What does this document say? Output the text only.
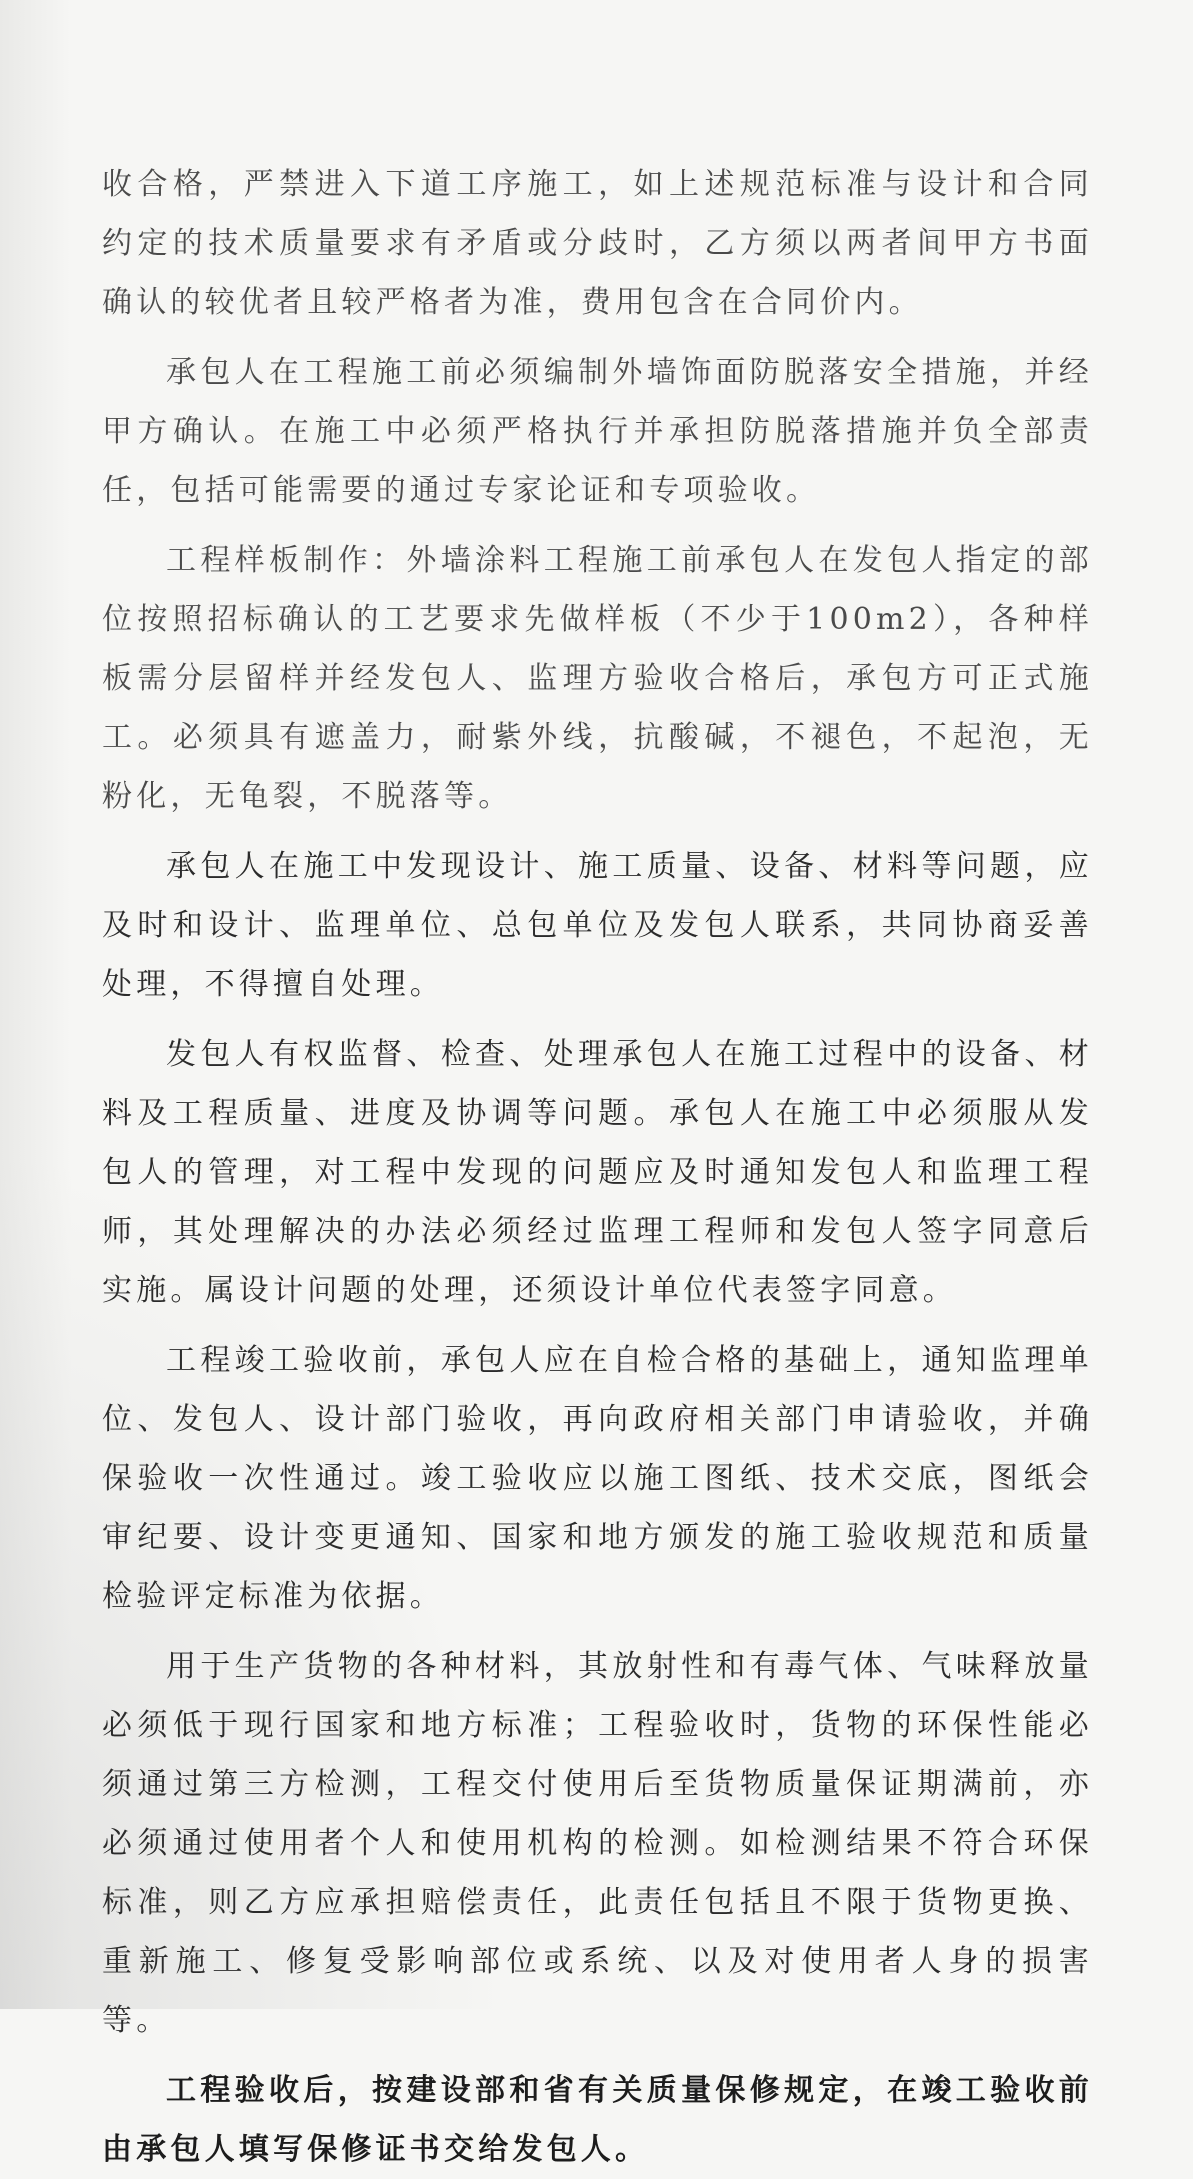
收合格，严禁进入下道工序施工，如上述规范标准与设计和合同约定的技术质量要求有矛盾或分歧时，乙方须以两者间甲方书面确认的较优者且较严格者为准，费用包含在合同价内。

承包人在工程施工前必须编制外墙饰面防脱落安全措施，并经甲方确认。在施工中必须严格执行并承担防脱落措施并负全部责任，包括可能需要的通过专家论证和专项验收。

工程样板制作：外墙涂料工程施工前承包人在发包人指定的部位按照招标确认的工艺要求先做样板（不少于100m2），各种样板需分层留样并经发包人、监理方验收合格后，承包方可正式施工。必须具有遮盖力，耐紫外线，抗酸碱，不褪色，不起泡，无粉化，无龟裂，不脱落等。

承包人在施工中发现设计、施工质量、设备、材料等问题，应及时和设计、监理单位、总包单位及发包人联系，共同协商妥善处理，不得擅自处理。

发包人有权监督、检查、处理承包人在施工过程中的设备、材料及工程质量、进度及协调等问题。承包人在施工中必须服从发包人的管理，对工程中发现的问题应及时通知发包人和监理工程师，其处理解决的办法必须经过监理工程师和发包人签字同意后实施。属设计问题的处理，还须设计单位代表签字同意。

工程竣工验收前，承包人应在自检合格的基础上，通知监理单位、发包人、设计部门验收，再向政府相关部门申请验收，并确保验收一次性通过。竣工验收应以施工图纸、技术交底，图纸会审纪要、设计变更通知、国家和地方颁发的施工验收规范和质量检验评定标准为依据。

用于生产货物的各种材料，其放射性和有毒气体、气味释放量必须低于现行国家和地方标准；工程验收时，货物的环保性能必须通过第三方检测，工程交付使用后至货物质量保证期满前，亦必须通过使用者个人和使用机构的检测。如检测结果不符合环保标准，则乙方应承担赔偿责任，此责任包括且不限于货物更换、重新施工、修复受影响部位或系统、以及对使用者人身的损害等。

工程验收后，按建设部和省有关质量保修规定，在竣工验收前由承包人填写保修证书交给发包人。
